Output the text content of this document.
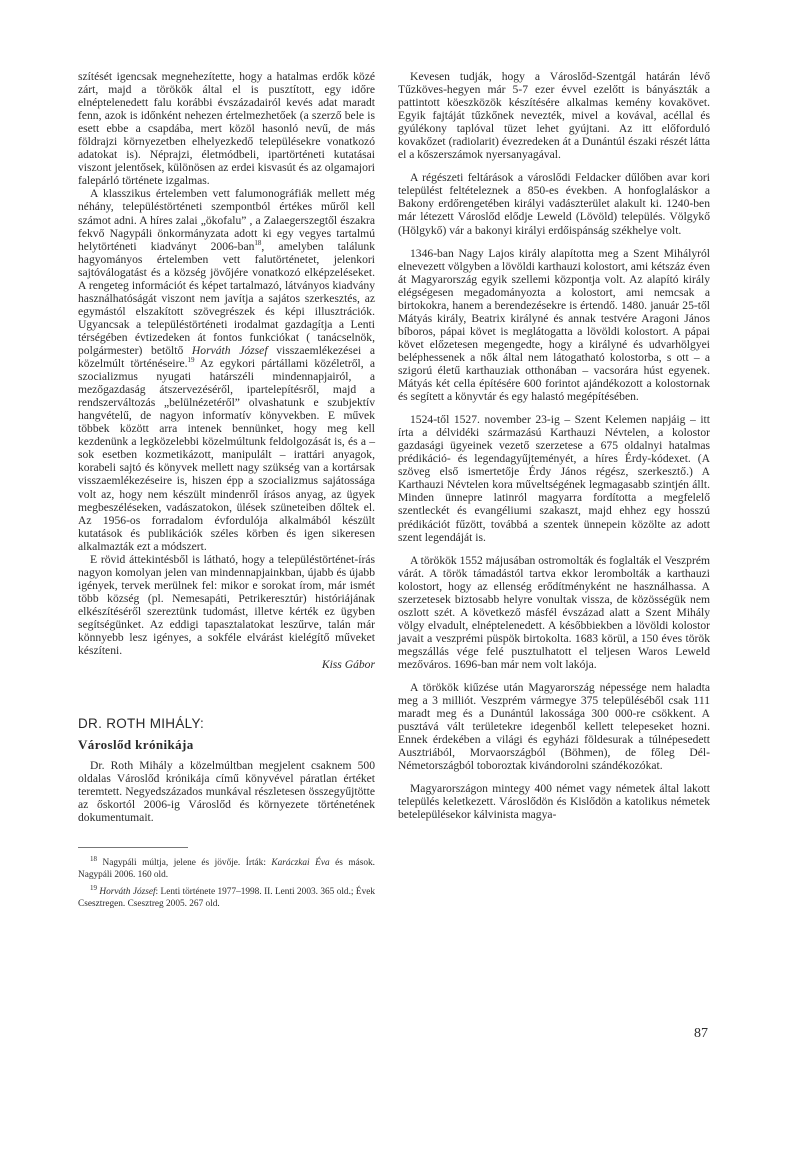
szítését igencsak megnehezítette, hogy a hatalmas erdők közé zárt, majd a törökök által el is pusztított, egy időre elnéptelenedett falu korábbi évszázadairól kevés adat maradt fenn, azok is időnként nehezen értelmezhetőek (a szerző bele is esett ebbe a csapdába, mert közöl hasonló nevű, de más földrajzi környezetben elhelyezkedő településekre vonatkozó adatokat is). Néprajzi, életmódbeli, ipartörténeti kutatásai viszont jelentősek, különösen az erdei kisvasút és az olgamajori falepárló története izgalmas.

A klasszikus értelemben vett falumonográfiák mellett még néhány, településtörténeti szempontból értékes műről kell számot adni. A híres zalai „ökofalu” , a Zalaegerszegtől északra fekvő Nagypáli önkormányzata adott ki egy vegyes tartalmú helytörténeti kiadványt 2006-ban$^{18}$, amelyben találunk hagyományos értelemben vett falutörténetet, jelenkori sajtóválogatást és a község jövőjére vonatkozó elképzeléseket. A rengeteg információt és képet tartalmazó, látványos kiadvány használhatóságát viszont nem javítja a sajátos szerkesztés, az egymástól elszakított szövegrészek és képi illusztrációk. Ugyancsak a településtörténeti irodalmat gazdagítja a Lenti térségében évtizedeken át fontos funkciókat ( tanácselnök, polgármester) betöltő Horváth József visszaemlékezései a közelmúlt történéseire.$^{19}$ Az egykori pártállami közéletről, a szocializmus nyugati határszéli mindennapjairól, a mezőgazdaság átszervezéséről, ipartelepítésről, majd a rendszerváltozás „belülnézetéről” olvashatunk e szubjektív hangvételű, de nagyon informatív könyvekben. E művek többek között arra intenek bennünket, hogy meg kell kezdenünk a legközelebbi közelmúltunk feldolgozását is, és a – sok esetben kozmetikázott, manipulált – irattári anyagok, korabeli sajtó és könyvek mellett nagy szükség van a kortársak visszaemlékezéseire is, hiszen épp a szocializmus sajátossága volt az, hogy nem készült mindenről írásos anyag, az ügyek megbeszéléseken, vadászatokon, ülések szüneteiben dőltek el. Az 1956-os forradalom évfordulója alkalmából készült kutatások és publikációk széles körben és igen sikeresen alkalmazták ezt a módszert.

E rövid áttekintésből is látható, hogy a településtörténet-írás nagyon komolyan jelen van mindennapjainkban, újabb és újabb igények, tervek merülnek fel: mikor e sorokat írom, már ismét több község (pl. Nemesapáti, Petrikeresztúr) históriájának elkészítéséről szereztünk tudomást, illetve kérték ez ügyben segítségünket. Az eddigi tapasztalatokat leszűrve, talán már könnyebb lesz igényes, a sokféle elvárást kielégítő műveket készíteni.

Kiss Gábor

DR. ROTH MIHÁLY:

Városlőd krónikája

Dr. Roth Mihály a közelmúltban megjelent csaknem 500 oldalas Városlőd krónikája című könyvével páratlan értéket teremtett. Negyedszázados munkával részletesen összegyűjtötte az őskortól 2006-ig Városlőd és környezete történetének dokumentumait.

$^{18}$ Nagypáli múltja, jelene és jövője. Írták: Karáczkai Éva és mások. Nagypáli 2006. 160 old.

$^{19}$ Horváth József: Lenti története 1977–1998. II. Lenti 2003. 365 old.; Évek Csesztregen. Csesztreg 2005. 267 old.

Kevesen tudják, hogy a Városlőd-Szentgál határán lévő Tűzköves-hegyen már 5-7 ezer évvel ezelőtt is bányászták a pattintott köeszközök készítésére alkalmas kemény kovakövet. Egyik fajtáját tűzkőnek nevezték, mivel a kovával, acéllal és gyúlékony taplóval tüzet lehet gyújtani. Az itt előforduló kovakőzet (radiolarit) évezredeken át a Dunántúl északi részét látta el a kőszerszámok nyersanyagával.

A régészeti feltárások a városlődi Feldacker dűlőben avar kori települést feltételeznek a 850-es években. A honfoglaláskor a Bakony erdőrengetében királyi vadászterület alakult ki. 1240-ben már létezett Városlőd elődje Leweld (Lövöld) település. Völgykő (Hölgykő) vár a bakonyi királyi erdőispánság székhelye volt.

1346-ban Nagy Lajos király alapította meg a Szent Mihályról elnevezett völgyben a lövöldi karthauzi kolostort, ami kétszáz éven át Magyarország egyik szellemi központja volt. Az alapító király elégségesen megadományozta a kolostort, ami nemcsak a birtokokra, hanem a berendezésekre is értendő. 1480. január 25-től Mátyás király, Beatrix királyné és annak testvére Aragoni János bíboros, pápai követ is meglátogatta a lövöldi kolostort. A pápai követ előzetesen megengedte, hogy a királyné és udvarhölgyei beléphessenek a nők által nem látogatható kolostorba, s ott – a szigorú életű karthauziak otthonában – vacsorára húst egyenek. Mátyás két cella építésére 600 forintot ajándékozott a kolostornak és segített a könyvtár és egy halastó megépítésében.

1524-től 1527. november 23-ig – Szent Kelemen napjáig – itt írta a délvidéki származású Karthauzi Névtelen, a kolostor gazdasági ügyeinek vezető szerzetese a 675 oldalnyi hatalmas prédikáció- és legendagyűjteményét, a híres Érdy-kódexet. (A szöveg első ismertetője Érdy János régész, szerkesztő.) A Karthauzi Névtelen kora műveltségének legmagasabb szintjén állt. Minden ünnepre latinról magyarra fordította a megfelelő szentleckét és evangéliumi szakaszt, majd ehhez egy hosszú prédikációt fűzött, továbbá a szentek ünnepein közölte az adott szent legendáját is.

A törökök 1552 májusában ostromolták és foglalták el Veszprém várát. A török támadástól tartva ekkor lerombolták a karthauzi kolostort, hogy az ellenség erődítményként ne használhassa. A szerzetesek biztosabb helyre vonultak vissza, de közösségük nem oszlott szét. A következő másfél évszázad alatt a Szent Mihály völgy elvadult, elnéptelenedett. A későbbiekben a lövöldi kolostor javait a veszprémi püspök birtokolta. 1683 körül, a 150 éves török megszállás vége felé pusztulhatott el teljesen Waros Leweld mezőváros. 1696-ban már nem volt lakója.

A törökök kiűzése után Magyarország népessége nem haladta meg a 3 milliót. Veszprém vármegye 375 településéből csak 111 maradt meg és a Dunántúl lakossága 300 000-re csökkent. A pusztává vált területekre idegenből kellett telepeseket hozni. Ennek érdekében a világi és egyházi földesurak a túlnépesedett Ausztriából, Morvaországból (Böhmen), de főleg Dél-Németországból toboroztak kivándorolni szándékozókat.

Magyarországon mintegy 400 német vagy németek által lakott település keletkezett. Városlődön és Kislődön a katolikus németek betelepülésekor kálvinista magya-

87
